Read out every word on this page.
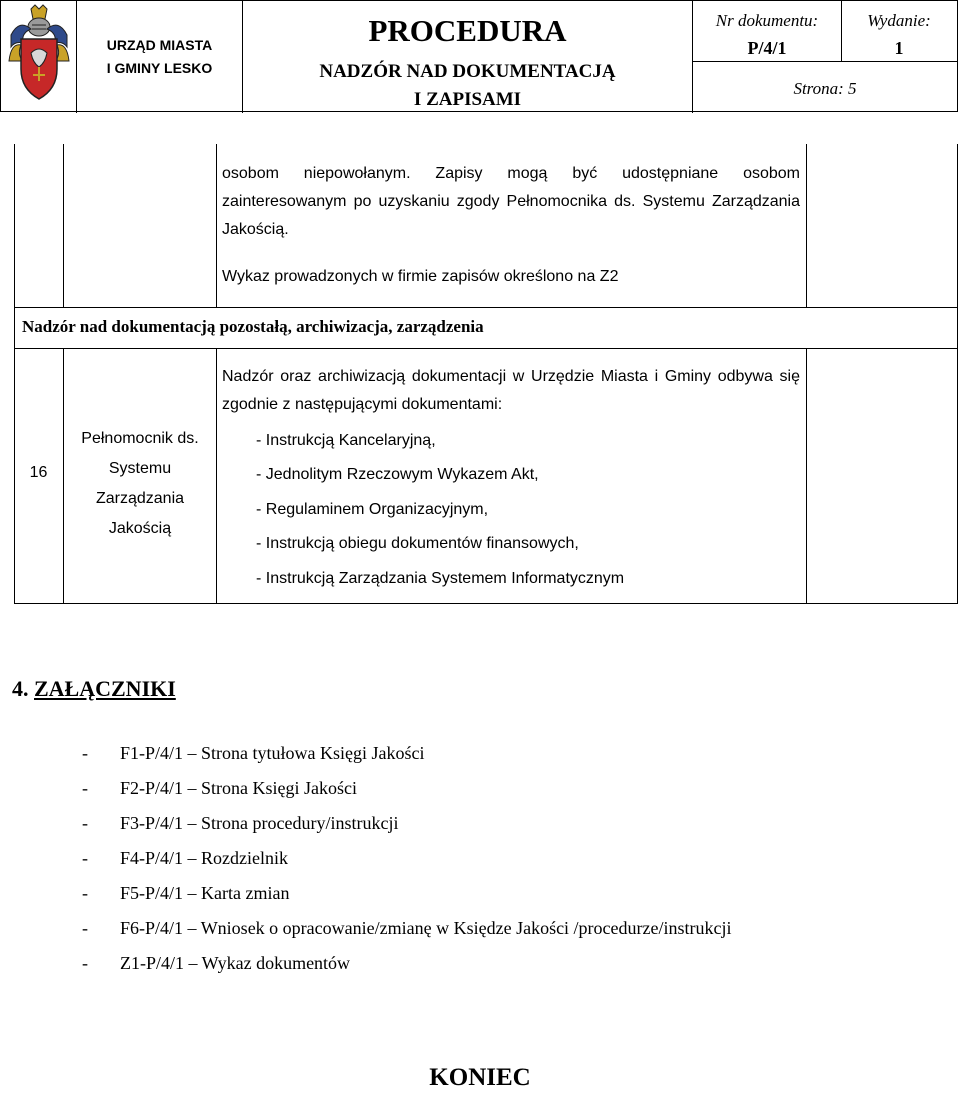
URZĄD MIASTA
I GMINY LESKO
PROCEDURA
NADZÓR NAD DOKUMENTACJĄ
I ZAPISAMI
Nr dokumentu:
P/4/1
Wydanie:
1
Strona: 5
osobom niepowołanym. Zapisy mogą być udostępniane osobom zainteresowanym po uzyskaniu zgody Pełnomocnika ds. Systemu Zarządzania Jakością.
Wykaz prowadzonych w firmie zapisów określono na Z2
Nadzór nad dokumentacją pozostałą, archiwizacja, zarządzenia
16
Pełnomocnik ds.
Systemu
Zarządzania
Jakością
Nadzór oraz archiwizacją dokumentacji w Urzędzie Miasta i Gminy odbywa się zgodnie z następującymi dokumentami:
- Instrukcją Kancelaryjną,
- Jednolitym Rzeczowym Wykazem Akt,
- Regulaminem Organizacyjnym,
- Instrukcją obiegu dokumentów finansowych,
- Instrukcją Zarządzania Systemem Informatycznym
4. ZAŁĄCZNIKI
- F1-P/4/1 – Strona tytułowa Księgi Jakości
- F2-P/4/1 – Strona Księgi Jakości
- F3-P/4/1 – Strona procedury/instrukcji
- F4-P/4/1 – Rozdzielnik
- F5-P/4/1 – Karta zmian
- F6-P/4/1 – Wniosek o opracowanie/zmianę w Księdze Jakości /procedurze/instrukcji
- Z1-P/4/1 – Wykaz dokumentów
KONIEC
